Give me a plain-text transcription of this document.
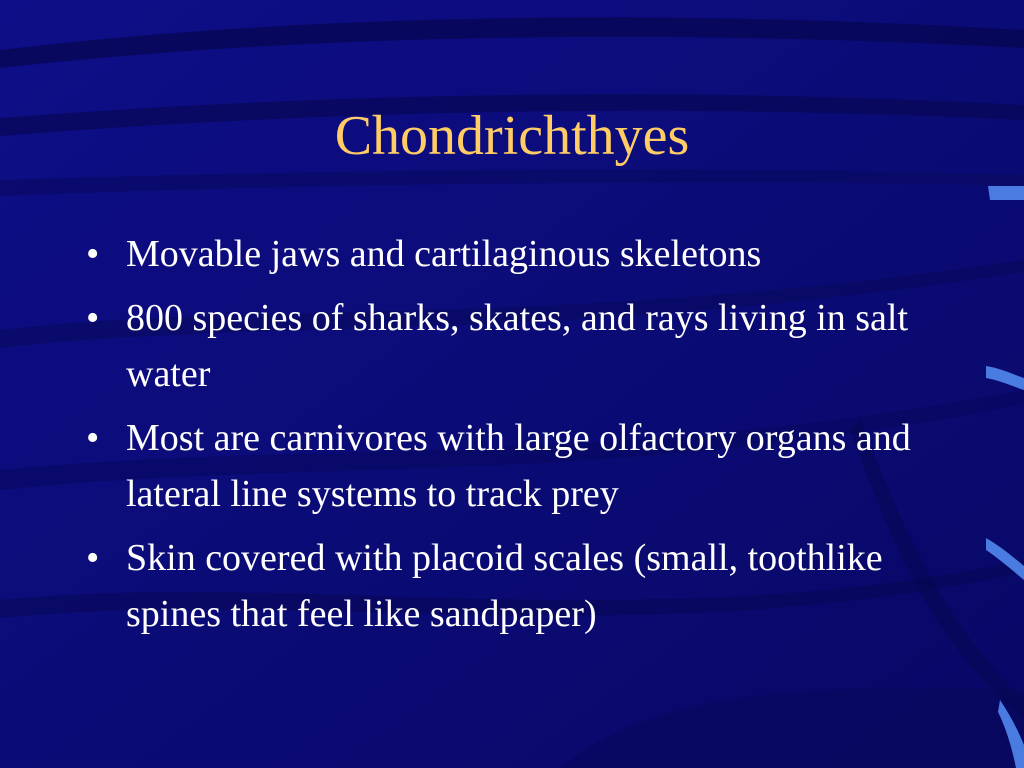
Chondrichthyes
• Movable jaws and cartilaginous skeletons
• 800 species of sharks, skates, and rays living in salt water
• Most are carnivores with large olfactory organs and lateral line systems to track prey
• Skin covered with placoid scales (small, toothlike spines that feel like sandpaper)
